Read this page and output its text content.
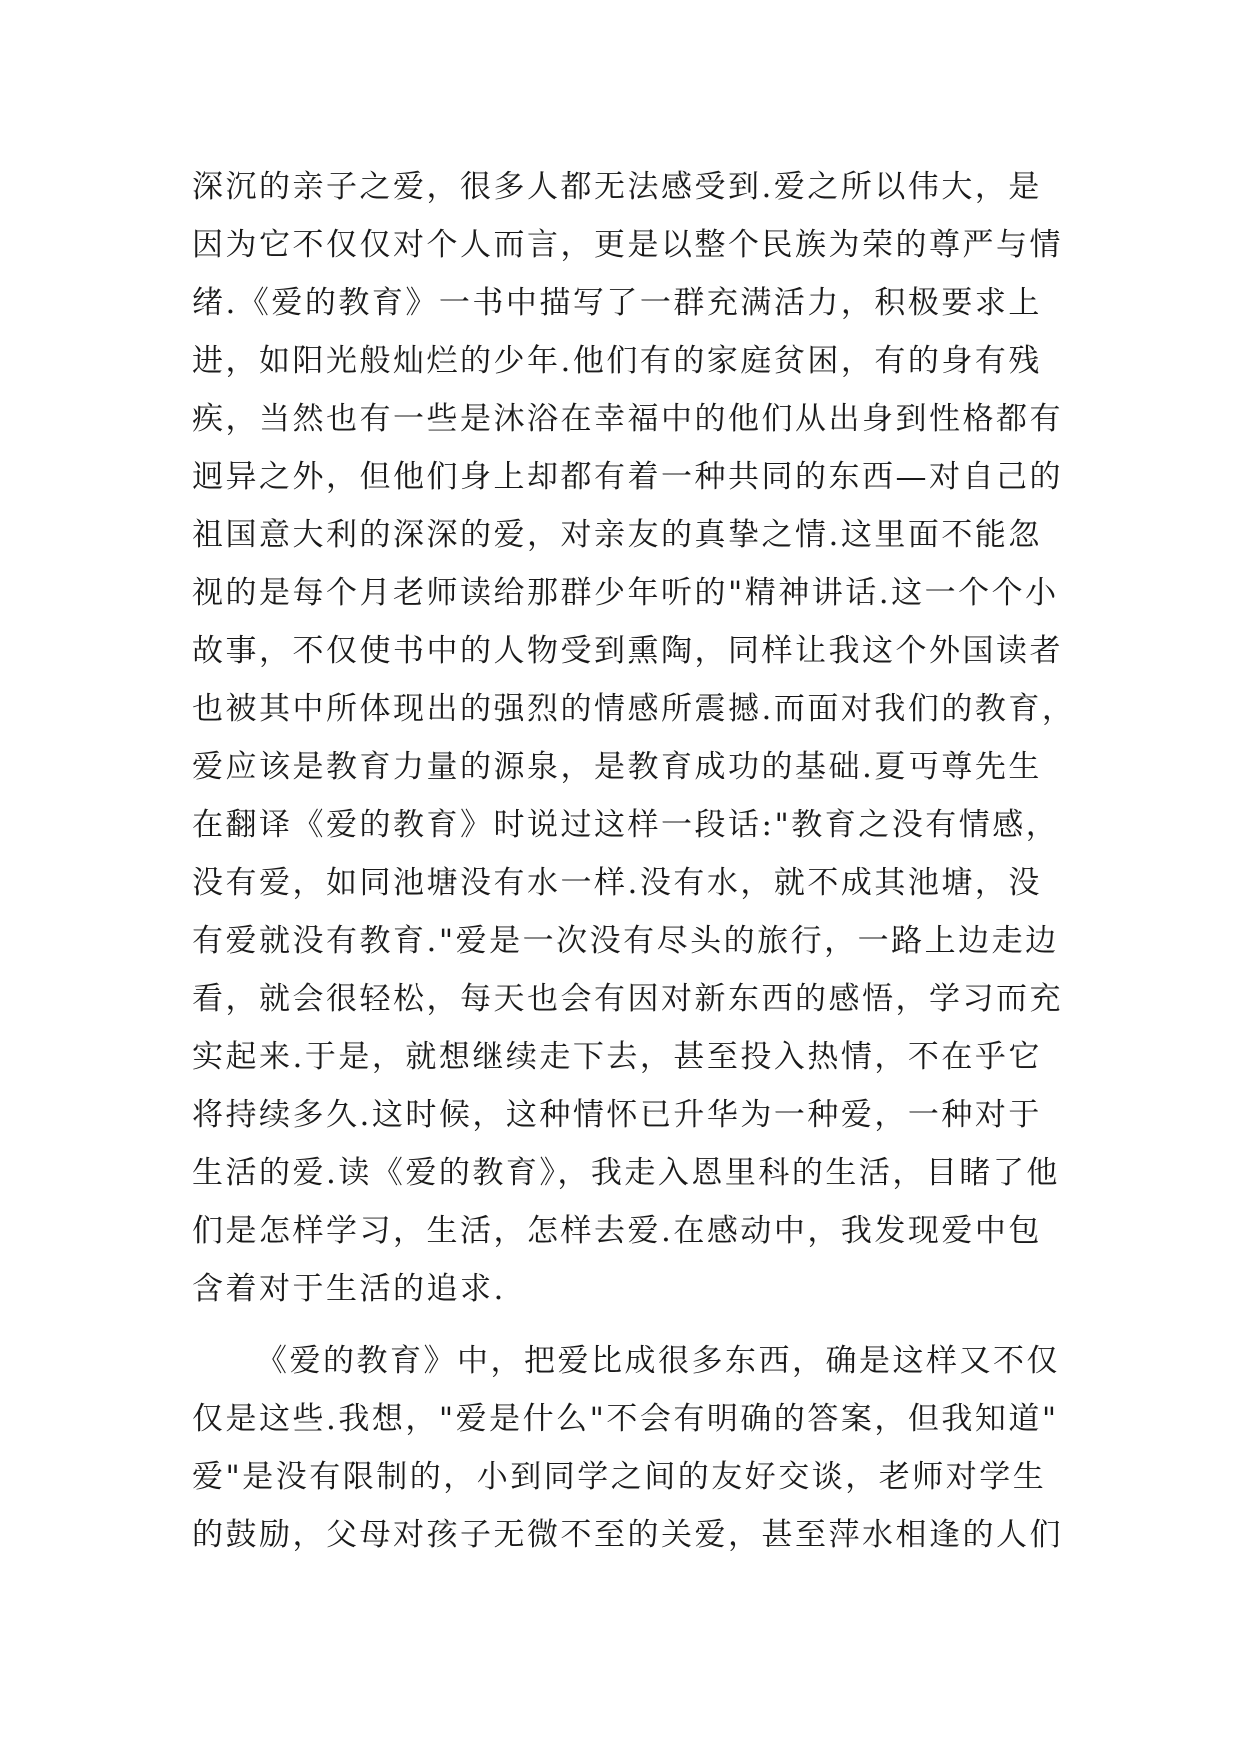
深沉的亲子之爱，很多人都无法感受到.爱之所以伟大，是
因为它不仅仅对个人而言，更是以整个民族为荣的尊严与情
绪.《爱的教育》一书中描写了一群充满活力，积极要求上
进，如阳光般灿烂的少年.他们有的家庭贫困，有的身有残
疾，当然也有一些是沐浴在幸福中的他们从出身到性格都有
迥异之外，但他们身上却都有着一种共同的东西—对自己的
祖国意大利的深深的爱，对亲友的真挚之情.这里面不能忽
视的是每个月老师读给那群少年听的"精神讲话.这一个个小
故事，不仅使书中的人物受到熏陶，同样让我这个外国读者
也被其中所体现出的强烈的情感所震撼.而面对我们的教育，
爱应该是教育力量的源泉，是教育成功的基础.夏丏尊先生
在翻译《爱的教育》时说过这样一段话:"教育之没有情感，
没有爱，如同池塘没有水一样.没有水，就不成其池塘，没
有爱就没有教育."爱是一次没有尽头的旅行，一路上边走边
看，就会很轻松，每天也会有因对新东西的感悟，学习而充
实起来.于是，就想继续走下去，甚至投入热情，不在乎它
将持续多久.这时候，这种情怀已升华为一种爱，一种对于
生活的爱.读《爱的教育》，我走入恩里科的生活，目睹了他
们是怎样学习，生活，怎样去爱.在感动中，我发现爱中包
含着对于生活的追求.
《爱的教育》中，把爱比成很多东西，确是这样又不仅
仅是这些.我想，"爱是什么"不会有明确的答案，但我知道"
爱"是没有限制的，小到同学之间的友好交谈，老师对学生
的鼓励，父母对孩子无微不至的关爱，甚至萍水相逢的人们
